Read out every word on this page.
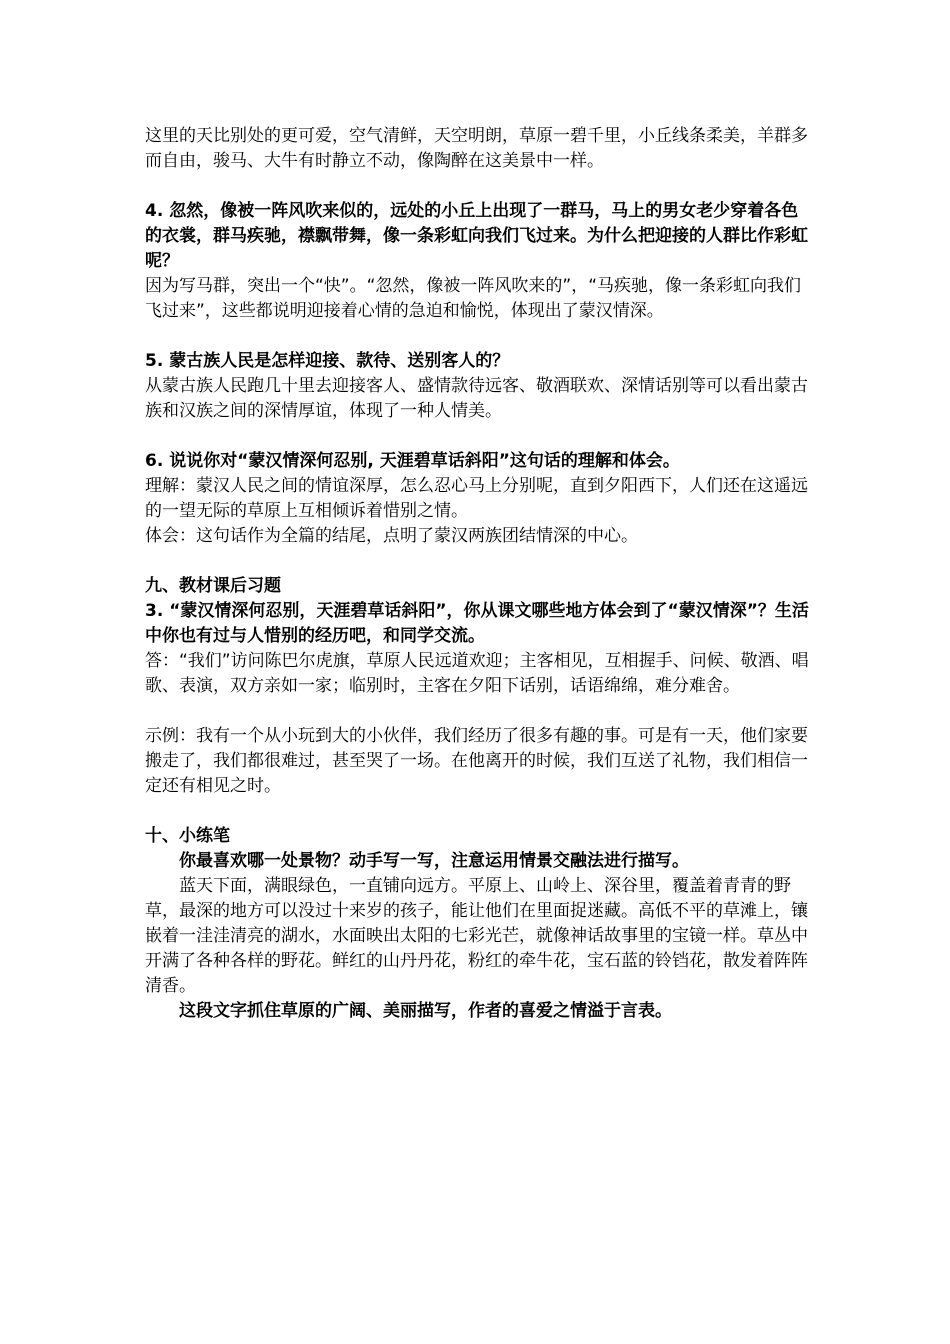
这里的天比别处的更可爱，空气清鲜，天空明朗，草原一碧千里，小丘线条柔美，羊群多而自由，骏马、大牛有时静立不动，像陶醉在这美景中一样。

4. 忽然，像被一阵风吹来似的，远处的小丘上出现了一群马，马上的男女老少穿着各色的衣裳，群马疾驰，襟飘带舞，像一条彩虹向我们飞过来。为什么把迎接的人群比作彩虹呢？

因为写马群，突出一个“快”。“忽然，像被一阵风吹来的”，“马疾驰，像一条彩虹向我们飞过来”，这些都说明迎接着心情的急迫和愉悦，体现出了蒙汉情深。

5. 蒙古族人民是怎样迎接、款待、送别客人的？

从蒙古族人民跑几十里去迎接客人、盛情款待远客、敬酒联欢、深情话别等可以看出蒙古族和汉族之间的深情厚谊，体现了一种人情美。

6. 说说你对“蒙汉情深何忍别, 天涯碧草话斜阳”这句话的理解和体会。

理解：蒙汉人民之间的情谊深厚，怎么忍心马上分别呢，直到夕阳西下，人们还在这遥远的一望无际的草原上互相倾诉着惜别之情。

体会：这句话作为全篇的结尾，点明了蒙汉两族团结情深的中心。

九、教材课后习题

3. “蒙汉情深何忍别，天涯碧草话斜阳”，你从课文哪些地方体会到了“蒙汉情深”？生活中你也有过与人惜别的经历吧，和同学交流。

答：“我们”访问陈巴尔虎旗，草原人民远道欢迎；主客相见，互相握手、问候、敬酒、唱歌、表演，双方亲如一家；临别时，主客在夕阳下话别，话语绵绵，难分难舍。

示例：我有一个从小玩到大的小伙伴，我们经历了很多有趣的事。可是有一天，他们家要搬走了，我们都很难过，甚至哭了一场。在他离开的时候，我们互送了礼物，我们相信一定还有相见之时。

十、小练笔

你最喜欢哪一处景物？动手写一写，注意运用情景交融法进行描写。

蓝天下面，满眼绿色，一直铺向远方。平原上、山岭上、深谷里，覆盖着青青的野草，最深的地方可以没过十来岁的孩子，能让他们在里面捉迷藏。高低不平的草滩上，镶嵌着一洼洼清亮的湖水，水面映出太阳的七彩光芒，就像神话故事里的宝镜一样。草丛中开满了各种各样的野花。鲜红的山丹丹花，粉红的牵牛花，宝石蓝的铃铛花，散发着阵阵清香。

这段文字抓住草原的广阔、美丽描写，作者的喜爱之情溢于言表。
